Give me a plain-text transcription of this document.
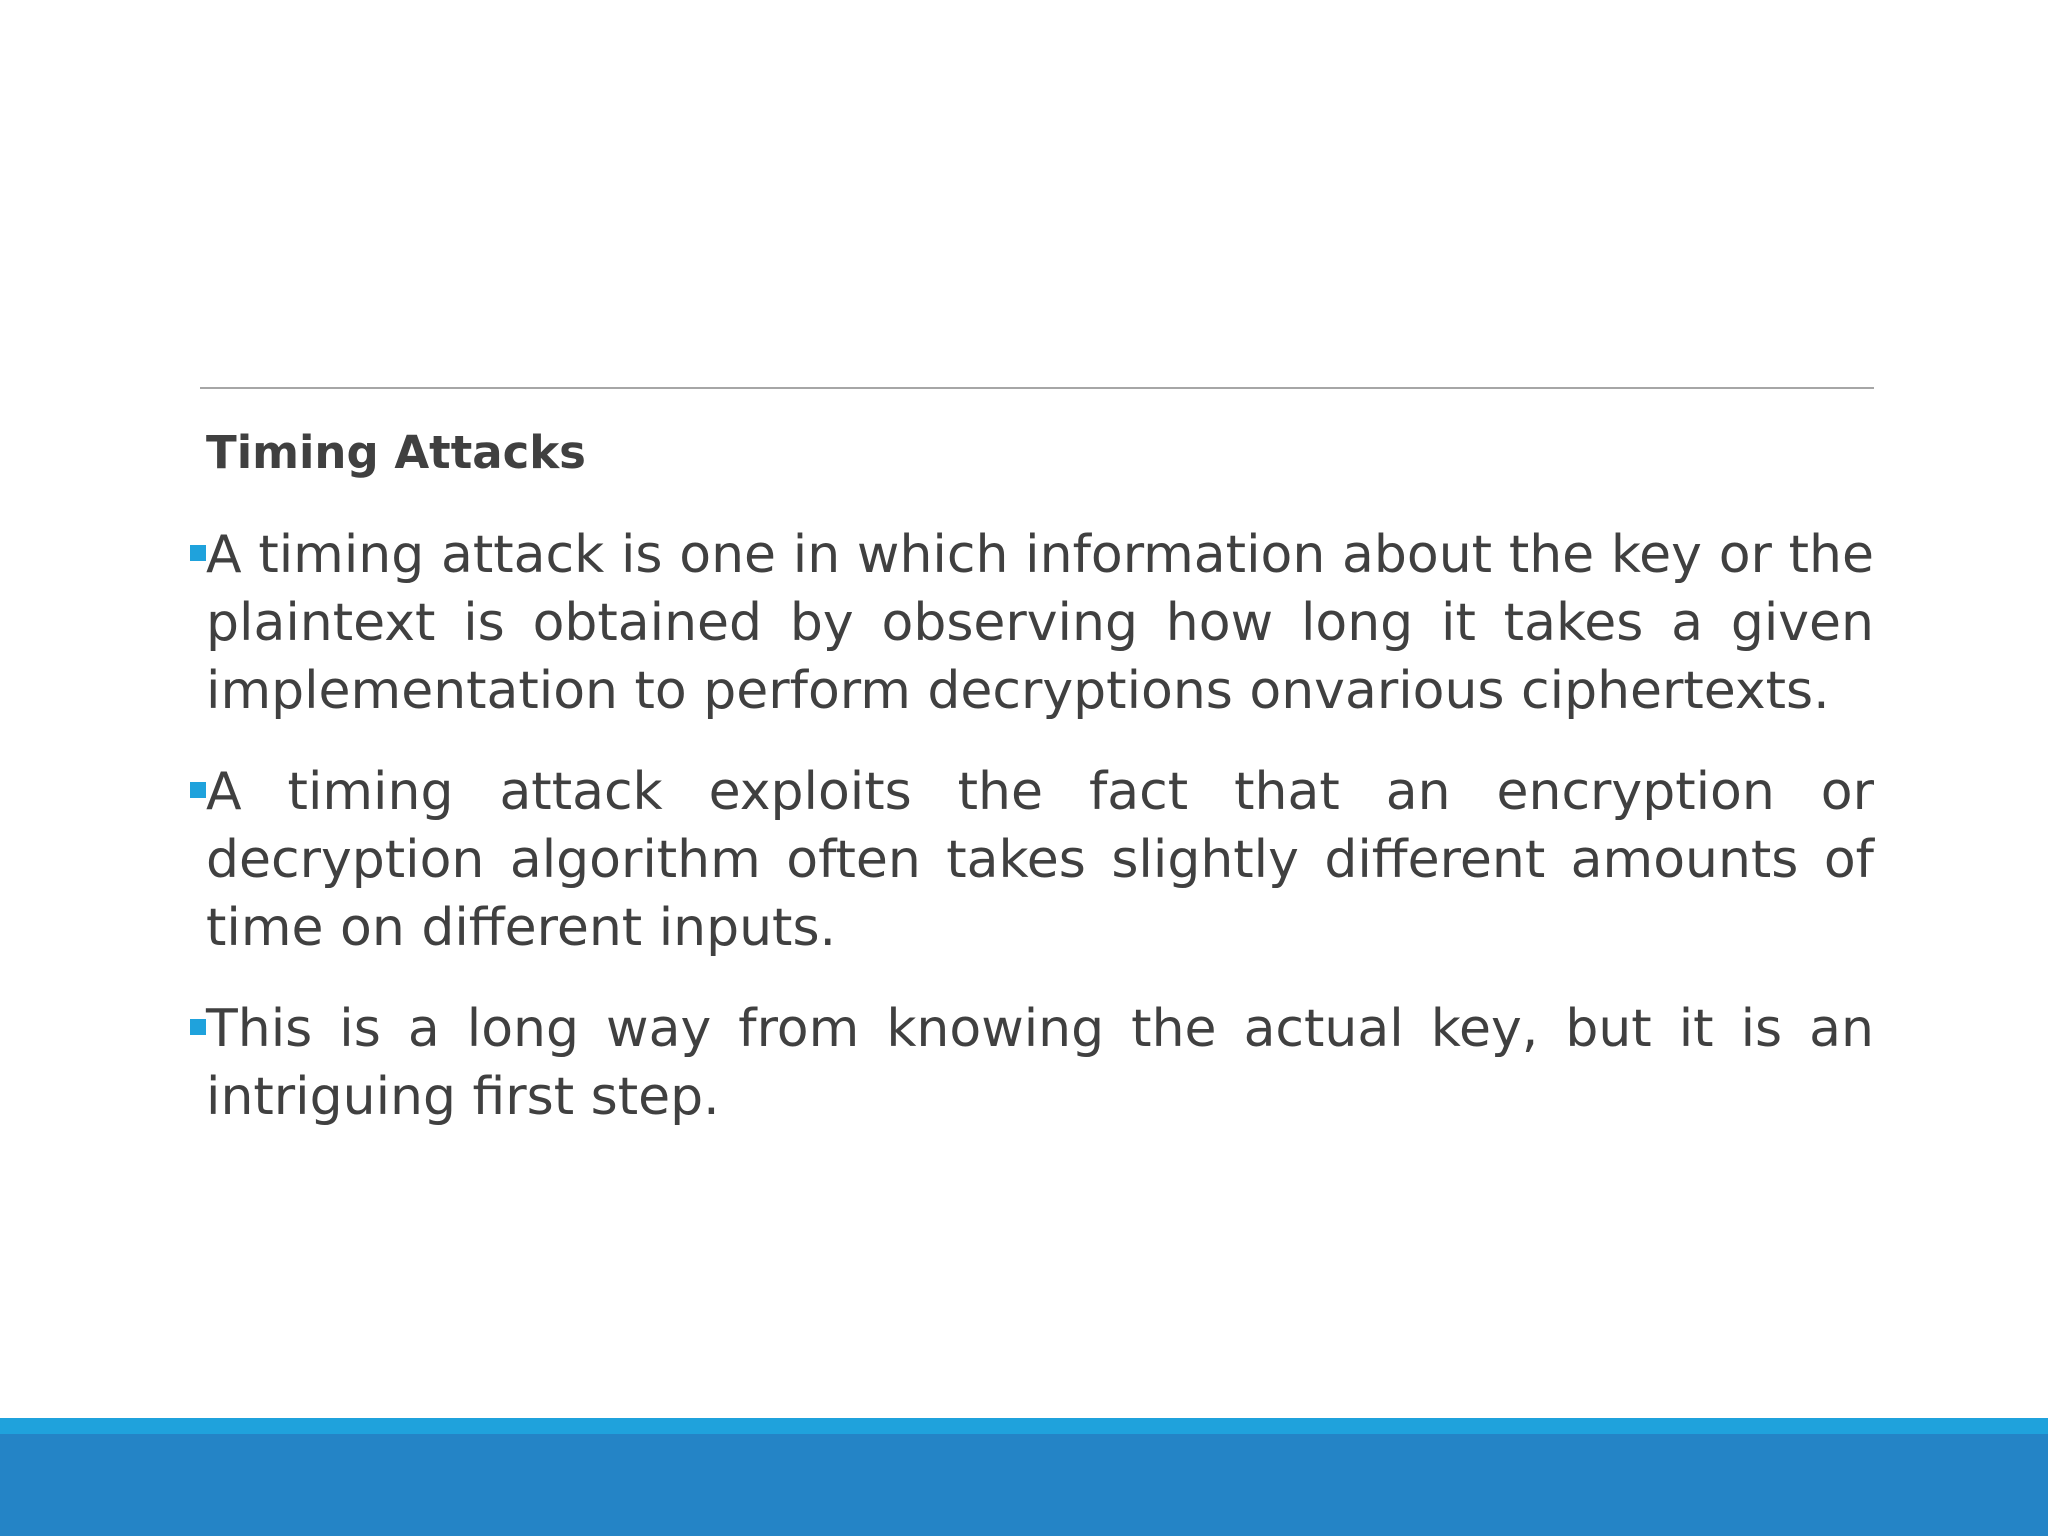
Timing Attacks
A timing attack is one in which information about the key or the plaintext is obtained by observing how long it takes a given implementation to perform decryptions onvarious ciphertexts.
A timing attack exploits the fact that an encryption or decryption algorithm often takes slightly different amounts of time on different inputs.
This is a long way from knowing the actual key, but it is an intriguing first step.
